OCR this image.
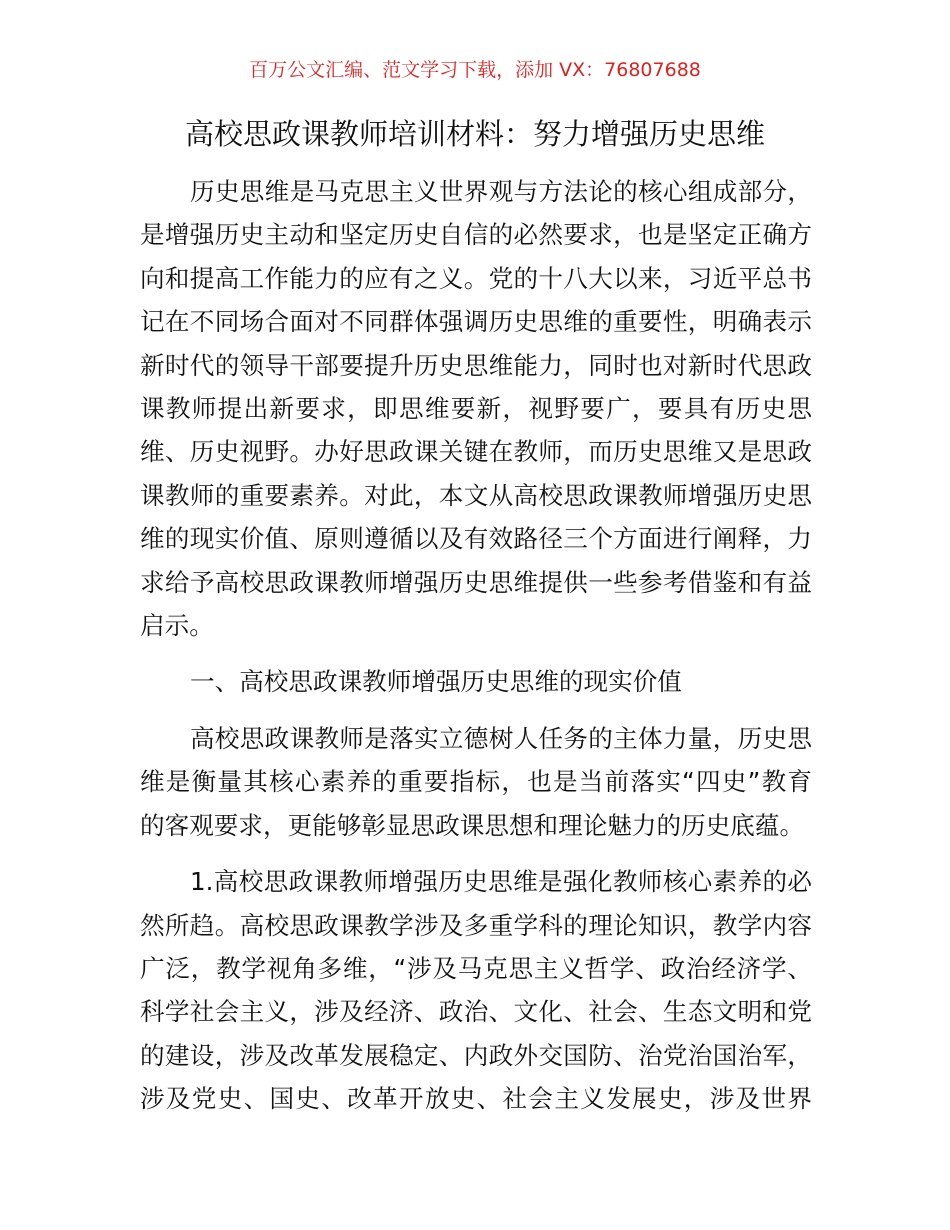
百万公文汇编、范文学习下载，添加 VX：76807688
高校思政课教师培训材料：努力增强历史思维
历史思维是马克思主义世界观与方法论的核心组成部分，
是增强历史主动和坚定历史自信的必然要求，也是坚定正确方
向和提高工作能力的应有之义。党的十八大以来，习近平总书
记在不同场合面对不同群体强调历史思维的重要性，明确表示
新时代的领导干部要提升历史思维能力，同时也对新时代思政
课教师提出新要求，即思维要新，视野要广，要具有历史思
维、历史视野。办好思政课关键在教师，而历史思维又是思政
课教师的重要素养。对此，本文从高校思政课教师增强历史思
维的现实价值、原则遵循以及有效路径三个方面进行阐释，力
求给予高校思政课教师增强历史思维提供一些参考借鉴和有益
启示。
一、高校思政课教师增强历史思维的现实价值
高校思政课教师是落实立德树人任务的主体力量，历史思
维是衡量其核心素养的重要指标，也是当前落实“四史”教育
的客观要求，更能够彰显思政课思想和理论魅力的历史底蕴。
1.高校思政课教师增强历史思维是强化教师核心素养的必
然所趋。高校思政课教学涉及多重学科的理论知识，教学内容
广泛，教学视角多维，“涉及马克思主义哲学、政治经济学、
科学社会主义，涉及经济、政治、文化、社会、生态文明和党
的建设，涉及改革发展稳定、内政外交国防、治党治国治军，
涉及党史、国史、改革开放史、社会主义发展史，涉及世界
